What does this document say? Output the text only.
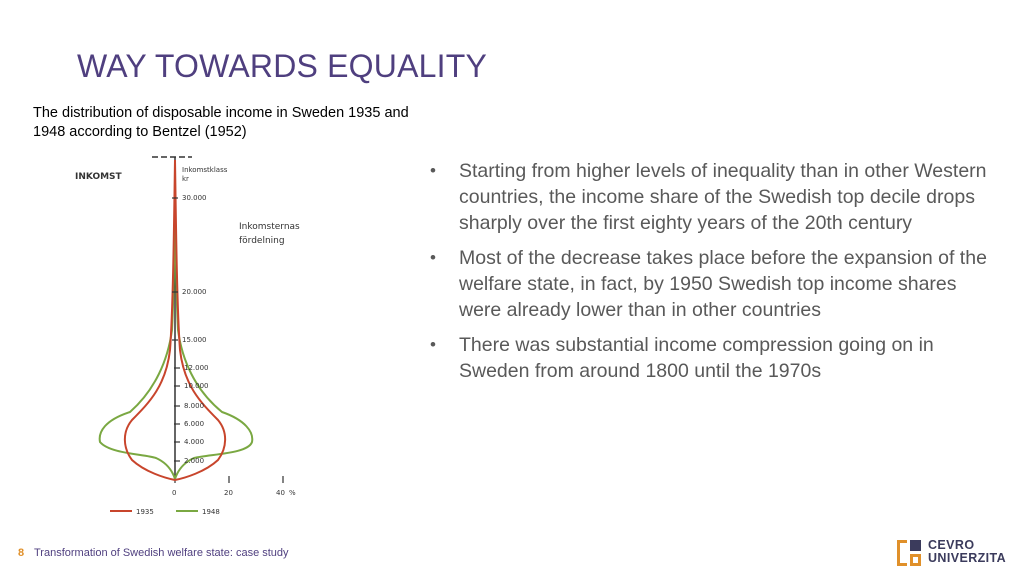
WAY TOWARDS EQUALITY
The distribution of disposable income in Sweden 1935 and 1948 according to Bentzel (1952)
INKOMST
Inkomstklass
kr
Inkomsternas
fördelning
30.000
20.000
15.000
12.000
10.000
8.000
6.000
4.000
2.000
0	20	40 %
1935	1948
• Starting from higher levels of inequality than in other Western countries, the income share of the Swedish top decile drops sharply over the first eighty years of the 20th century
• Most of the decrease takes place before the expansion of the welfare state, in fact, by 1950 Swedish top income shares were already lower than in other countries
• There was substantial income compression going on in Sweden from around 1800 until the 1970s
8 Transformation of Swedish welfare state: case study
CEVRO
UNIVERZITA
